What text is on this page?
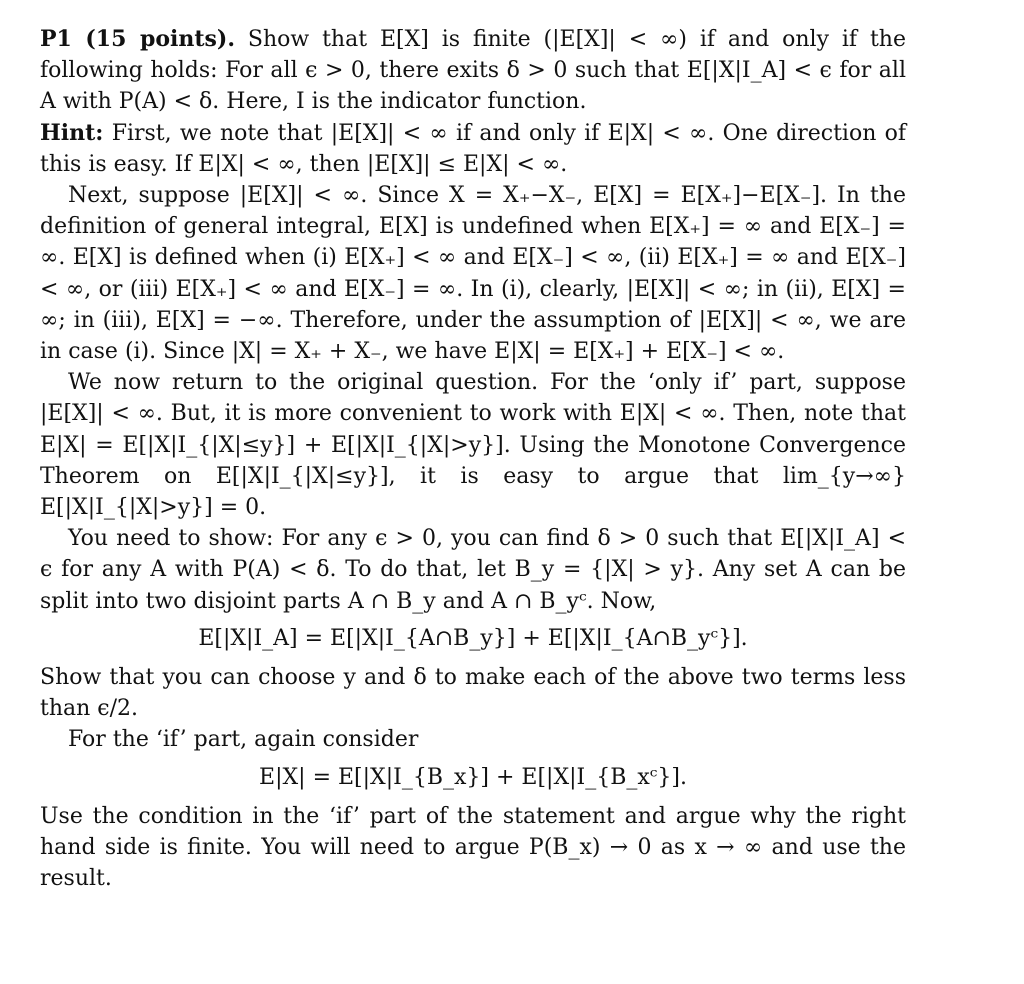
P1 (15 points). Show that E[X] is finite (|E[X]| < ∞) if and only if the following holds: For all ϵ > 0, there exits δ > 0 such that E[|X|I_A] < ϵ for all A with P(A) < δ. Here, I is the indicator function.

Hint: First, we note that |E[X]| < ∞ if and only if E|X| < ∞. One direction of this is easy. If E|X| < ∞, then |E[X]| ≤ E|X| < ∞.

Next, suppose |E[X]| < ∞. Since X = X₊−X₋, E[X] = E[X₊]−E[X₋]. In the definition of general integral, E[X] is undefined when E[X₊] = ∞ and E[X₋] = ∞. E[X] is defined when (i) E[X₊] < ∞ and E[X₋] < ∞, (ii) E[X₊] = ∞ and E[X₋] < ∞, or (iii) E[X₊] < ∞ and E[X₋] = ∞. In (i), clearly, |E[X]| < ∞; in (ii), E[X] = ∞; in (iii), E[X] = −∞. Therefore, under the assumption of |E[X]| < ∞, we are in case (i). Since |X| = X₊ + X₋, we have E|X| = E[X₊] + E[X₋] < ∞.

We now return to the original question. For the ‘only if’ part, suppose |E[X]| < ∞. But, it is more convenient to work with E|X| < ∞. Then, note that E|X| = E[|X|I_{|X|≤y}] + E[|X|I_{|X|>y}]. Using the Monotone Convergence Theorem on E[|X|I_{|X|≤y}], it is easy to argue that lim_{y→∞} E[|X|I_{|X|>y}] = 0.

You need to show: For any ϵ > 0, you can find δ > 0 such that E[|X|I_A] < ϵ for any A with P(A) < δ. To do that, let B_y = {|X| > y}. Any set A can be split into two disjoint parts A ∩ B_y and A ∩ B_yᶜ. Now,

E[|X|I_A] = E[|X|I_{A∩B_y}] + E[|X|I_{A∩B_yᶜ}].

Show that you can choose y and δ to make each of the above two terms less than ϵ/2.

For the ‘if’ part, again consider

E|X| = E[|X|I_{B_x}] + E[|X|I_{B_xᶜ}].

Use the condition in the ‘if’ part of the statement and argue why the right hand side is finite. You will need to argue P(B_x) → 0 as x → ∞ and use the result.
